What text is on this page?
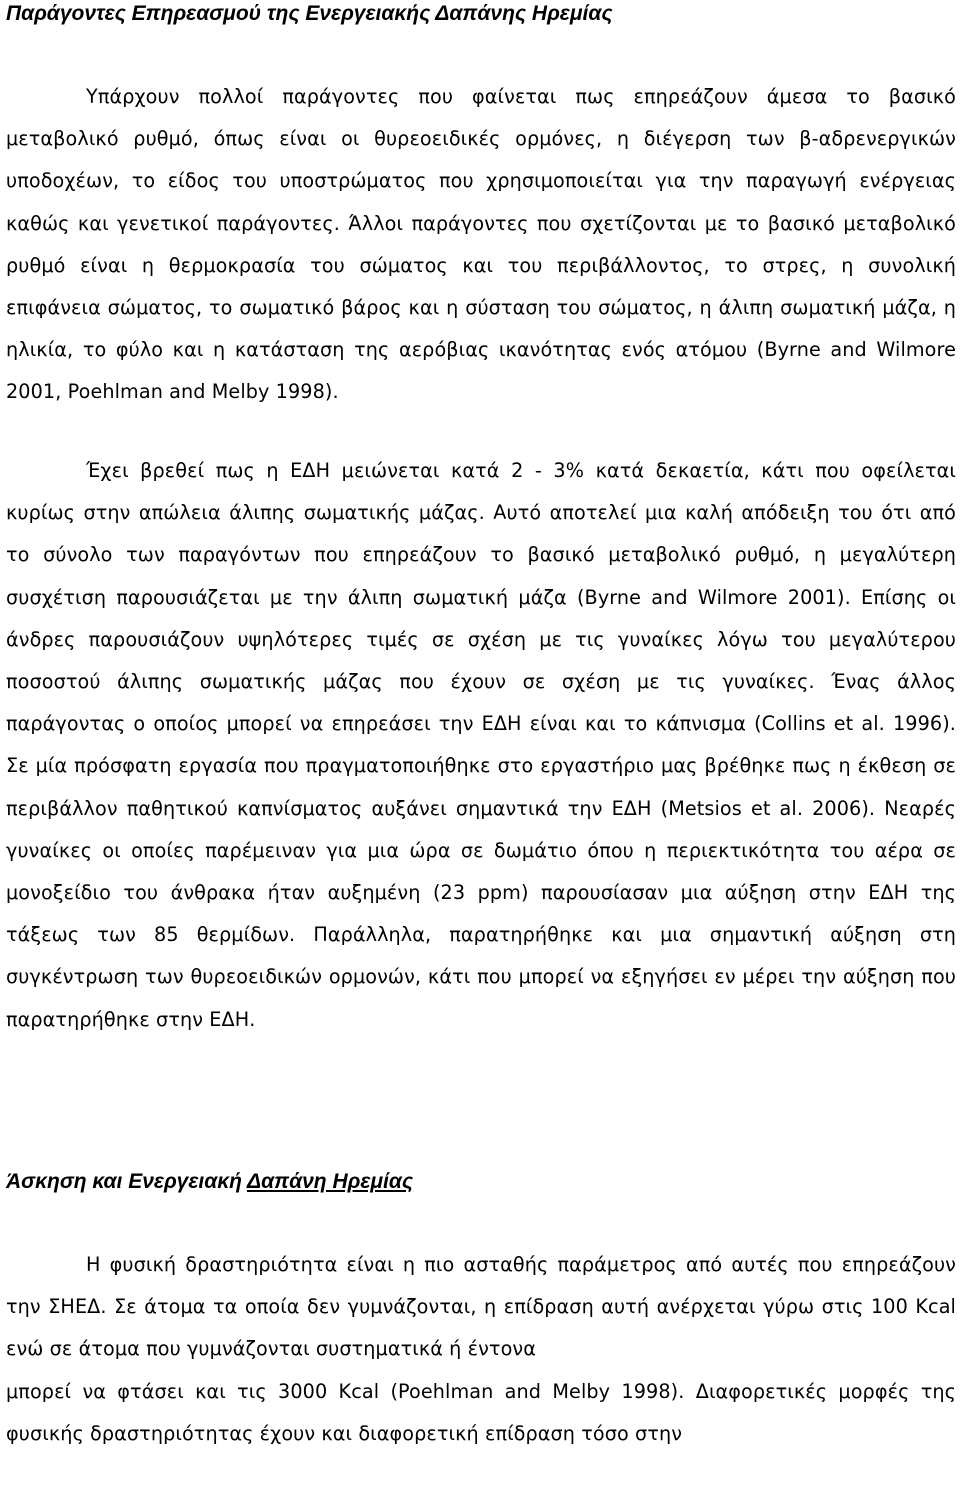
Παράγοντες Επηρεασμού της Ενεργειακής Δαπάνης Ηρεμίας

Υπάρχουν πολλοί παράγοντες που φαίνεται πως επηρεάζουν άμεσα το βασικό μεταβολικό ρυθμό, όπως είναι οι θυρεοειδικές ορμόνες, η διέγερση των β-αδρενεργικών υποδοχέων, το είδος του υποστρώματος που χρησιμοποιείται για την παραγωγή ενέργειας καθώς και γενετικοί παράγοντες. Άλλοι παράγοντες που σχετίζονται με το βασικό μεταβολικό ρυθμό είναι η θερμοκρασία του σώματος και του περιβάλλοντος, το στρες, η συνολική επιφάνεια σώματος, το σωματικό βάρος και η σύσταση του σώματος, η άλιπη σωματική μάζα, η ηλικία, το φύλο και η κατάσταση της αερόβιας ικανότητας ενός ατόμου (Byrne and Wilmore 2001, Poehlman and Melby 1998).

Έχει βρεθεί πως η ΕΔΗ μειώνεται κατά 2 - 3% κατά δεκαετία, κάτι που οφείλεται κυρίως στην απώλεια άλιπης σωματικής μάζας. Αυτό αποτελεί μια καλή απόδειξη του ότι από το σύνολο των παραγόντων που επηρεάζουν το βασικό μεταβολικό ρυθμό, η μεγαλύτερη συσχέτιση παρουσιάζεται με την άλιπη σωματική μάζα (Byrne and Wilmore 2001). Επίσης οι άνδρες παρουσιάζουν υψηλότερες τιμές σε σχέση με τις γυναίκες λόγω του μεγαλύτερου ποσοστού άλιπης σωματικής μάζας που έχουν σε σχέση με τις γυναίκες. Ένας άλλος παράγοντας ο οποίος μπορεί να επηρεάσει την ΕΔΗ είναι και το κάπνισμα (Collins et al. 1996). Σε μία πρόσφατη εργασία που πραγματοποιήθηκε στο εργαστήριο μας βρέθηκε πως η έκθεση σε περιβάλλον παθητικού καπνίσματος αυξάνει σημαντικά την ΕΔΗ (Metsios et al. 2006). Νεαρές γυναίκες οι οποίες παρέμειναν για μια ώρα σε δωμάτιο όπου η περιεκτικότητα του αέρα σε μονοξείδιο του άνθρακα ήταν αυξημένη (23 ppm) παρουσίασαν μια αύξηση στην ΕΔΗ της τάξεως των 85 θερμίδων. Παράλληλα, παρατηρήθηκε και μια σημαντική αύξηση στη συγκέντρωση των θυρεοειδικών ορμονών, κάτι που μπορεί να εξηγήσει εν μέρει την αύξηση που παρατηρήθηκε στην ΕΔΗ.

Άσκηση και Ενεργειακή Δαπάνη Ηρεμίας
Η φυσική δραστηριότητα είναι η πιο ασταθής παράμετρος από αυτές που επηρεάζουν την ΣΗΕΔ. Σε άτομα τα οποία δεν γυμνάζονται, η επίδραση αυτή ανέρχεται γύρω στις 100 Kcal ενώ σε άτομα που γυμνάζονται συστηματικά ή έντονα
μπορεί να φτάσει και τις 3000 Kcal (Poehlman and Melby 1998). Διαφορετικές μορφές της φυσικής δραστηριότητας έχουν και διαφορετική επίδραση τόσο στην
